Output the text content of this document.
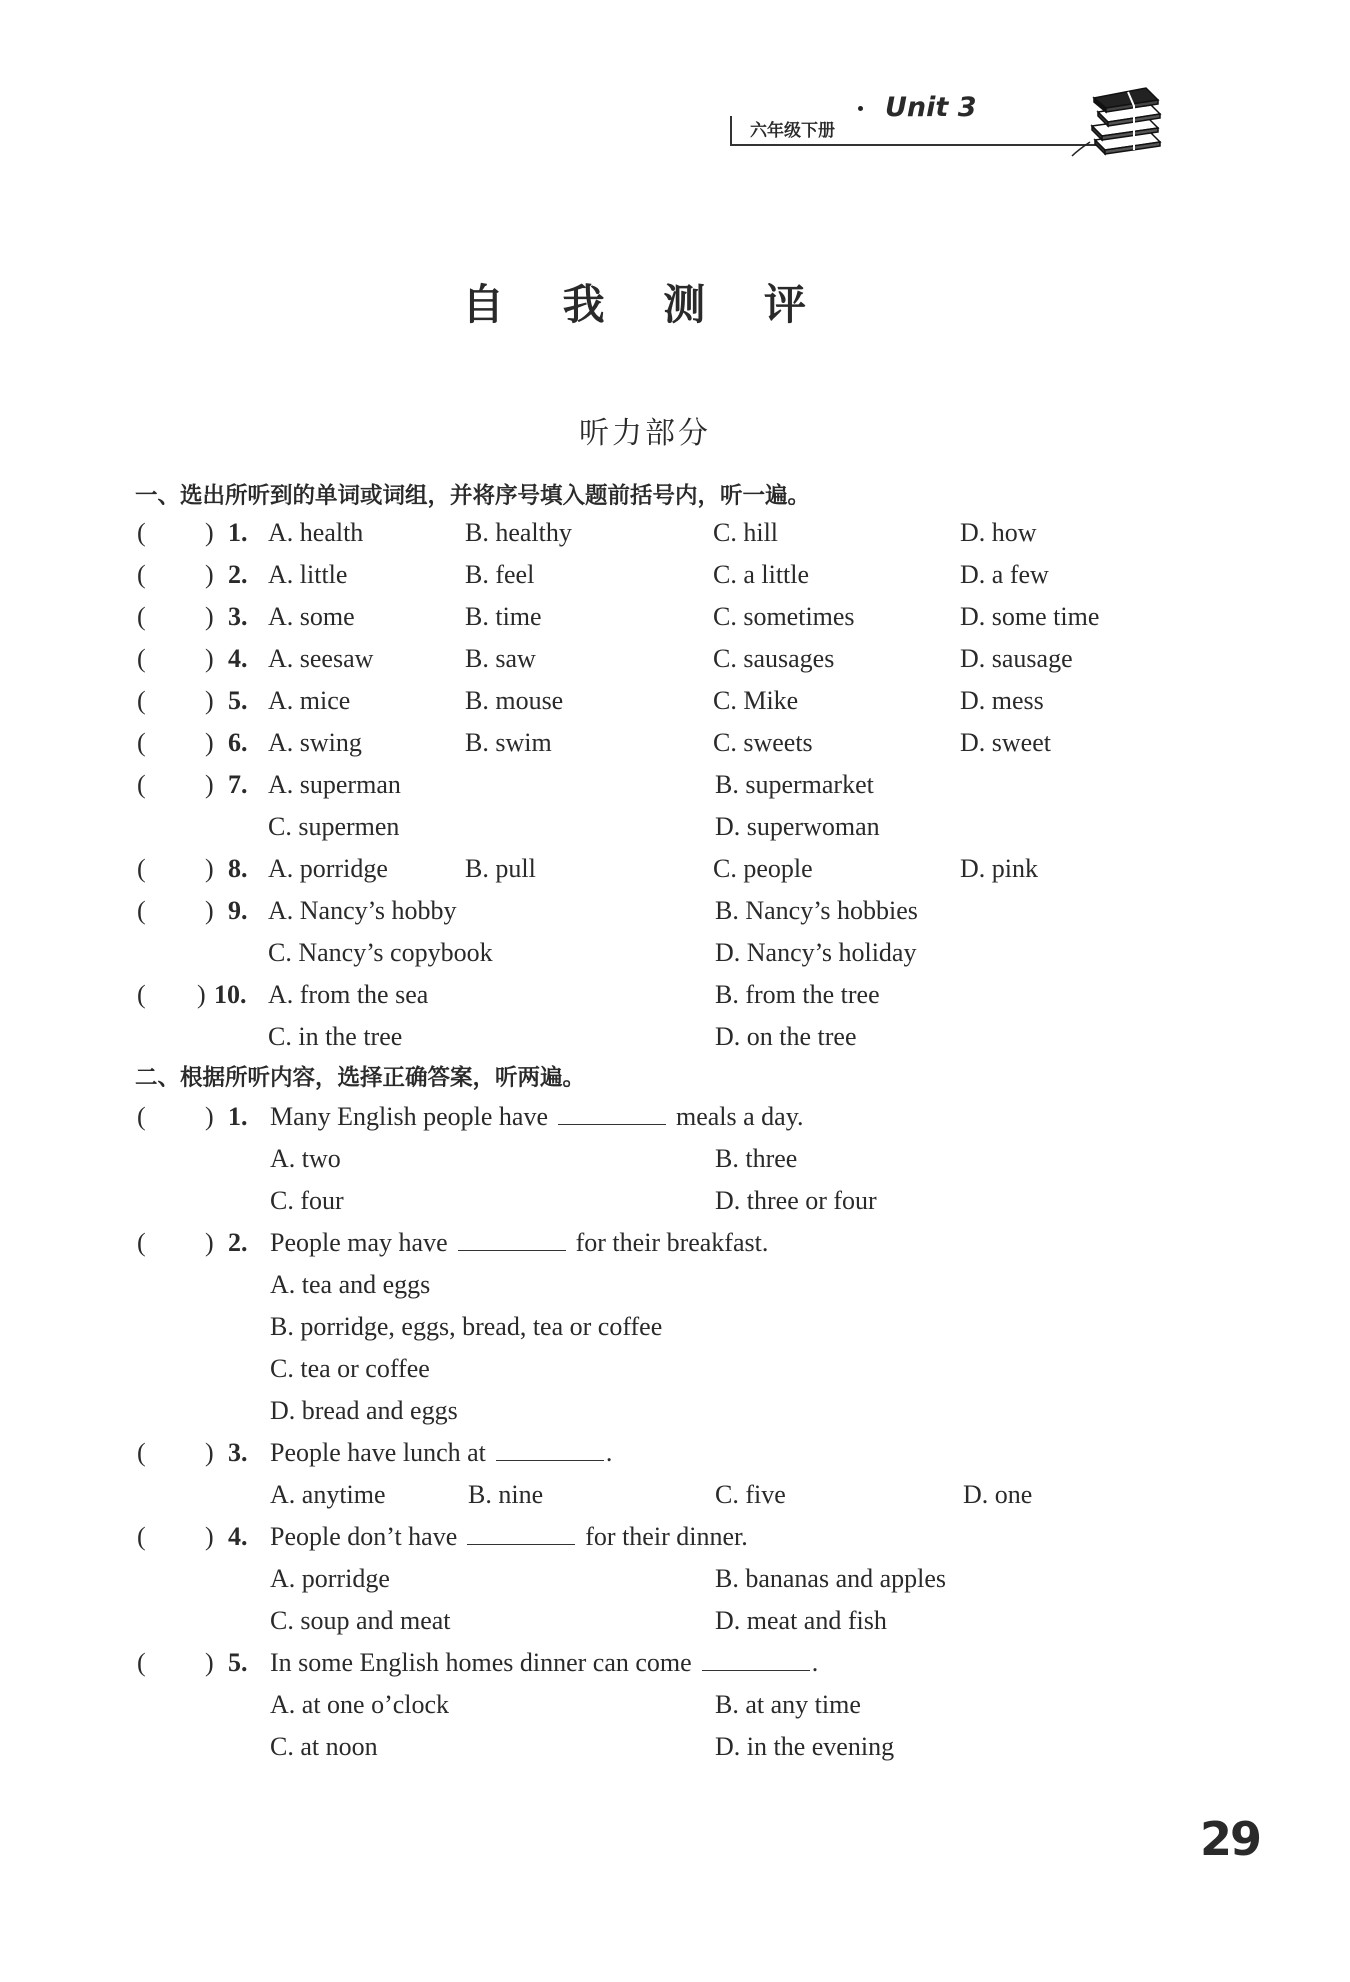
六年级下册
Unit 3
自 我 测 评
听力部分
一、选出所听到的单词或词组，并将序号填入题前括号内，听一遍。
( ) 1. A. health	B. healthy	C. hill	D. how
( ) 2. A. little	B. feel	C. a little	D. a few
( ) 3. A. some	B. time	C. sometimes	D. some time
( ) 4. A. seesaw	B. saw	C. sausages	D. sausage
( ) 5. A. mice	B. mouse	C. Mike	D. mess
( ) 6. A. swing	B. swim	C. sweets	D. sweet
( ) 7. A. superman	B. supermarket
C. supermen	D. superwoman
( ) 8. A. porridge	B. pull	C. people	D. pink
( ) 9. A. Nancy’s hobby	B. Nancy’s hobbies
C. Nancy’s copybook	D. Nancy’s holiday
( ) 10. A. from the sea	B. from the tree
C. in the tree	D. on the tree
二、根据所听内容，选择正确答案，听两遍。
( ) 1. Many English people have	meals a day.
A. two	B. three
C. four	D. three or four
( ) 2. People may have	for their breakfast.
A. tea and eggs
B. porridge, eggs, bread, tea or coffee
C. tea or coffee
D. bread and eggs
( ) 3. People have lunch at	.
A. anytime	B. nine	C. five	D. one
( ) 4. People don’t have	for their dinner.
A. porridge	B. bananas and apples
C. soup and meat	D. meat and fish
( ) 5. In some English homes dinner can come	.
A. at one o’clock	B. at any time
C. at noon	D. in the evening
29
